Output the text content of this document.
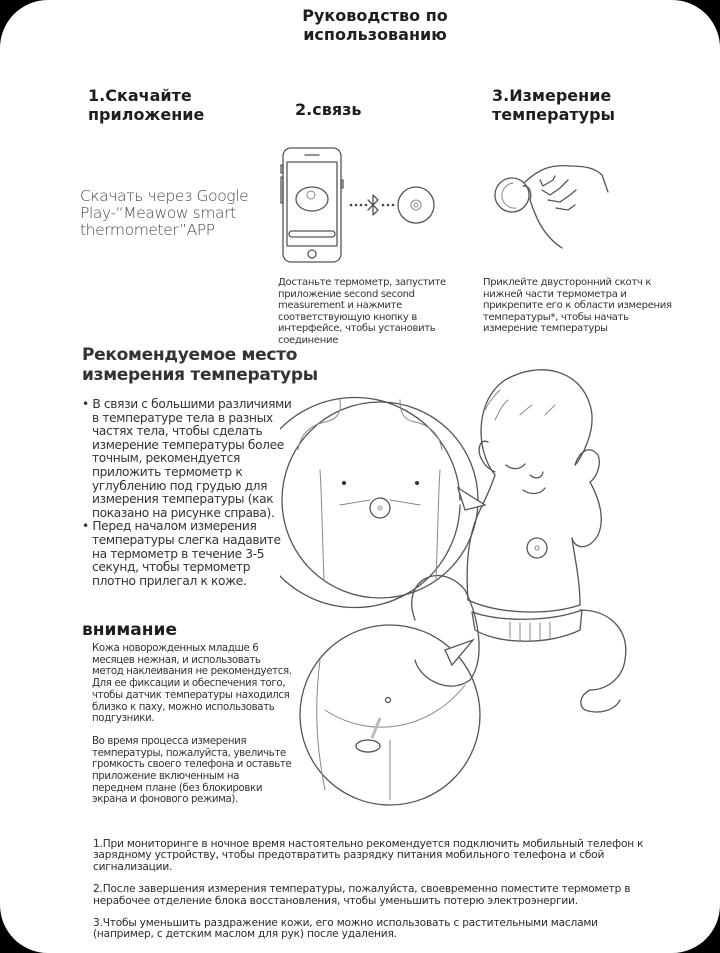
Руководство по использованию
1.Скачайте
приложение	2.связь
3.Измерение
температуры
Скачать через Google Play-“Meawow smart thermometer”APP
Достаньте термометр, запустите приложение second second measurement и нажмите соответствующую кнопку в интерфейсе, чтобы установить соединение
Приклейте двусторонний скотч к нижней части термометра и прикрепите его к области измерения температуры*, чтобы начать измерение температуры
Рекомендуемое место измерения температуры

• В связи с большими различиями в температуре тела в разных частях тела, чтобы сделать измерение температуры более точным, рекомендуется приложить термометр к углублению под грудью для измерения температуры (как показано на рисунке справа).

• Перед началом измерения температуры слегка надавите на термометр в течение 3-5 секунд, чтобы термометр плотно прилегал к коже.

внимание

Кожа новорожденных младше 6 месяцев нежная, и использовать метод наклеивания не рекомендуется. Для ее фиксации и обеспечения того, чтобы датчик температуры находился близко к паху, можно использовать подгузники.

Во время процесса измерения температуры, пожалуйста, увеличьте громкость своего телефона и оставьте приложение включенным на переднем плане (без блокировки экрана и фонового режима).

1.При мониторинге в ночное время настоятельно рекомендуется подключить мобильный телефон к зарядному устройству, чтобы предотвратить разрядку питания мобильного телефона и сбой сигнализации.

2.После завершения измерения температуры, пожалуйста, своевременно поместите термометр в нерабочее отделение блока восстановления, чтобы уменьшить потерю электроэнергии.

3.Чтобы уменьшить раздражение кожи, его можно использовать с растительными маслами (например, с детским маслом для рук) после удаления.
